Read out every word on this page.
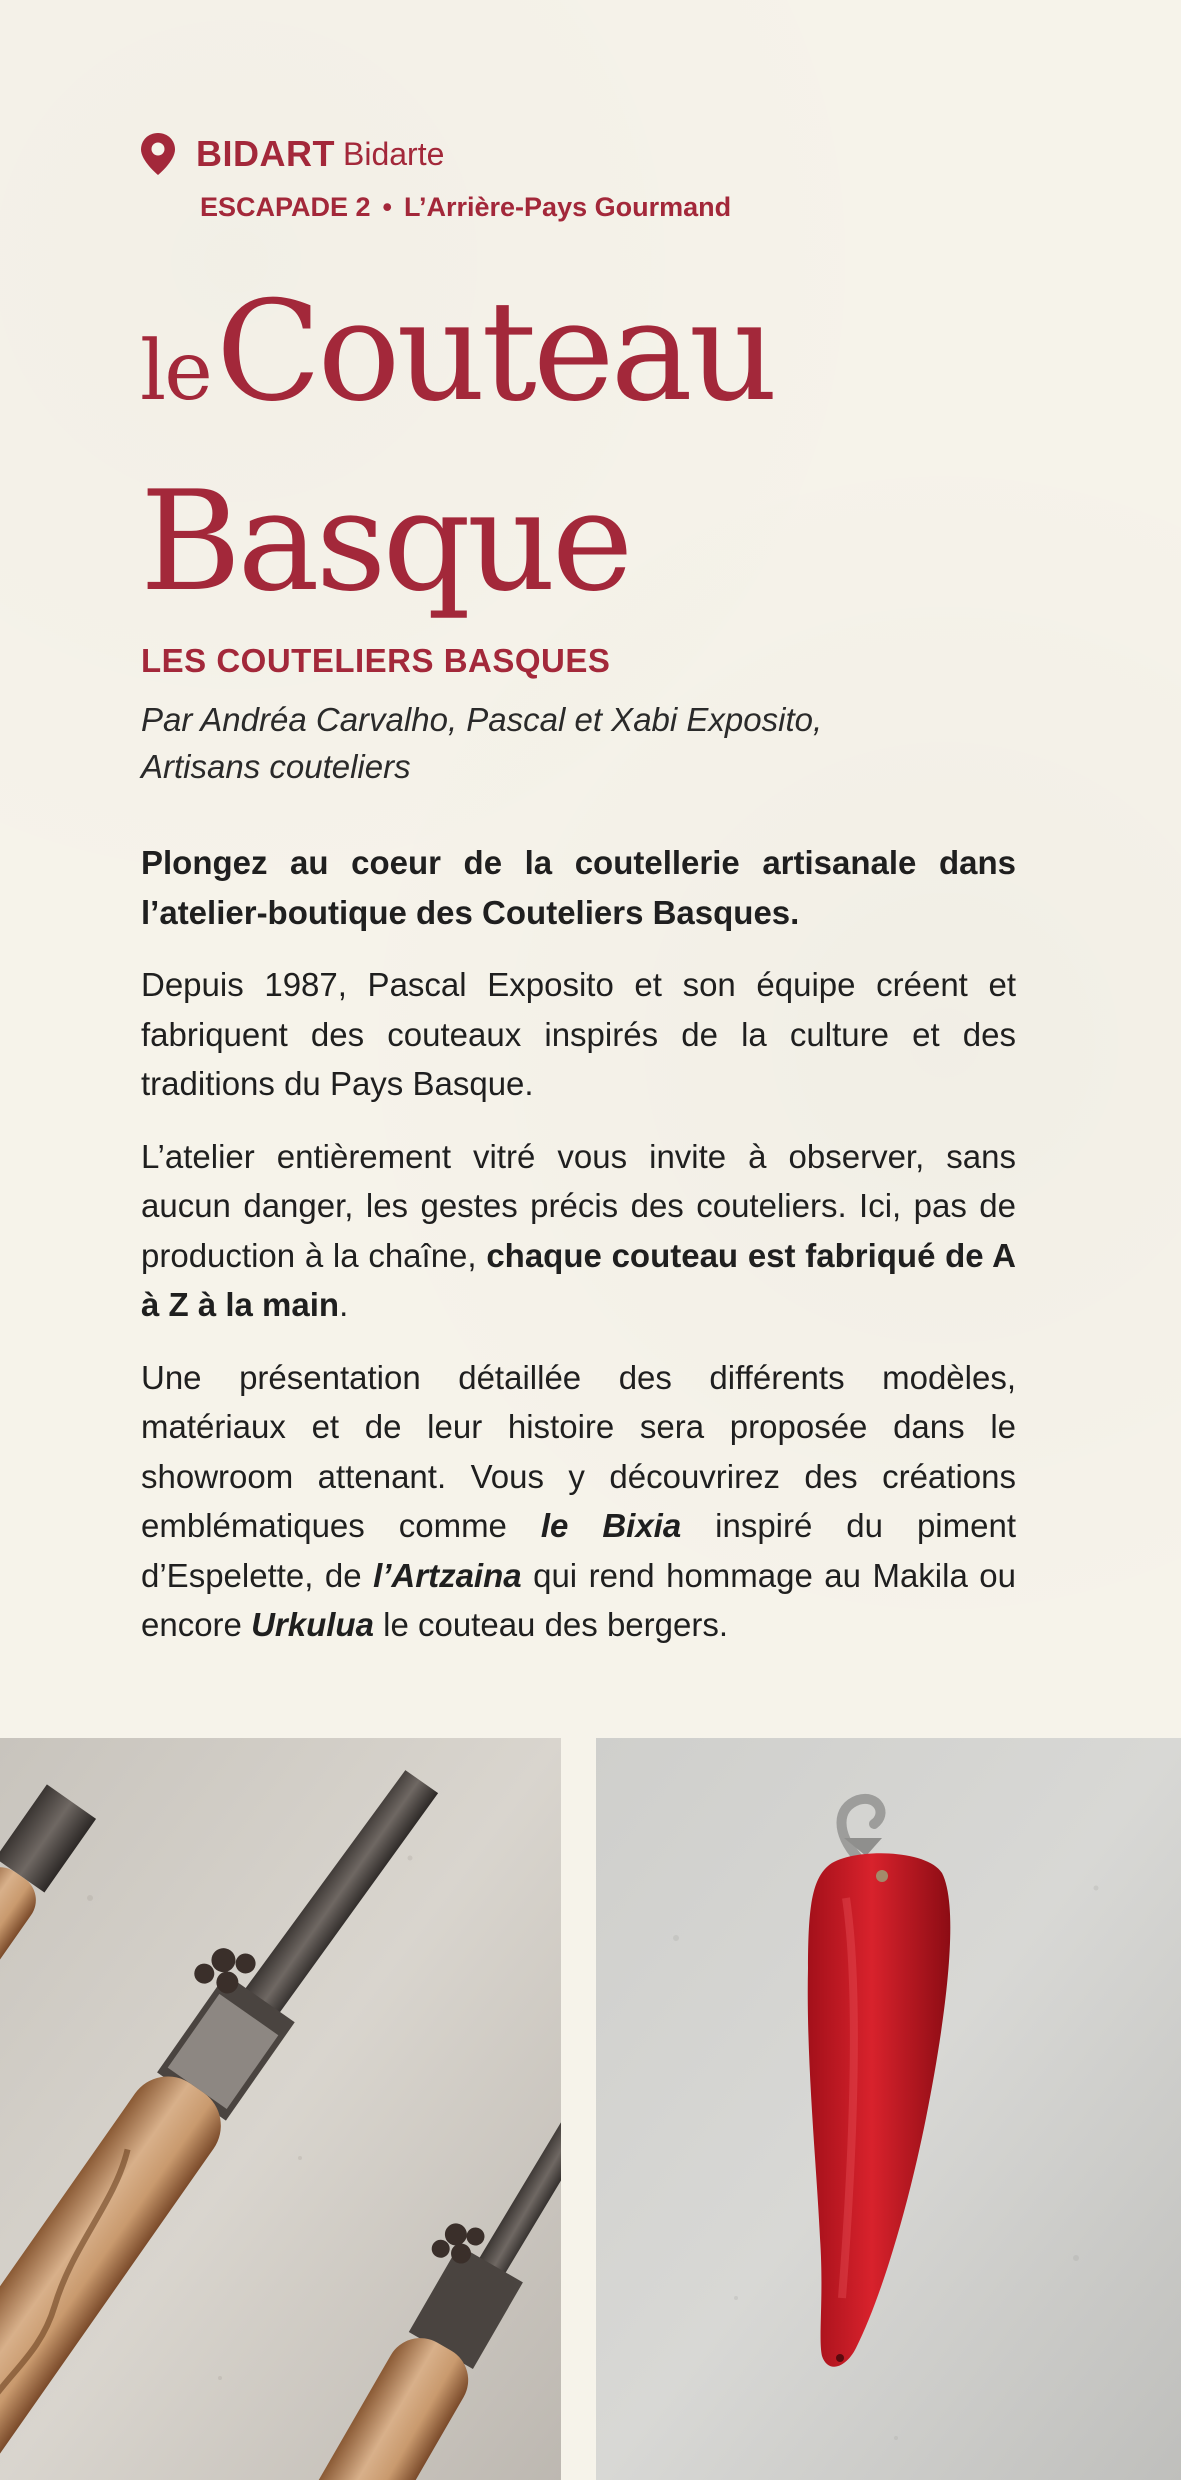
BIDART Bidarte
ESCAPADE 2 • L’Arrière-Pays Gourmand
le Couteau
Basque
LES COUTELIERS BASQUES
Par Andréa Carvalho, Pascal et Xabi Exposito,
Artisans couteliers

Plongez au coeur de la coutellerie artisanale dans l’atelier-boutique des Couteliers Basques.

Depuis 1987, Pascal Exposito et son équipe créent et fabriquent des couteaux inspirés de la culture et des traditions du Pays Basque.

L’atelier entièrement vitré vous invite à observer, sans aucun danger, les gestes précis des couteliers. Ici, pas de production à la chaîne, chaque couteau est fabriqué de A à Z à la main.

Une présentation détaillée des différents modèles, matériaux et de leur histoire sera proposée dans le showroom attenant. Vous y découvrirez des créations emblématiques comme le Bixia inspiré du piment d’Espelette, de l’Artzaina qui rend hommage au Makila ou encore Urkulua le couteau des bergers.
